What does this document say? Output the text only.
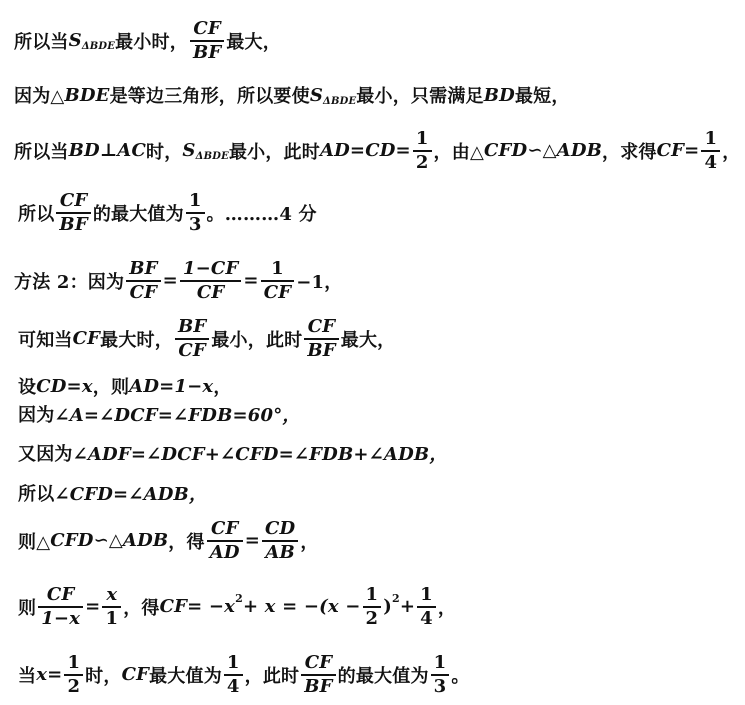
所以当 S ΔBDE 最小时， $\frac{CF}{BF}$ 最大，
因为△ BDE 是等边三角形，所以要使 S ΔBDE 最小，只需满足 BD 最短，
所以当 BD⊥AC 时， S ΔBDE 最小，此时 $AD=CD= \frac{1}{2}$ ，由△ CFD ∽△ ADB ，求得 $CF= \frac{1}{4}$ ，
所以 $\frac{CF}{BF}$ 的最大值为 $\frac{1}{3}$ 。………4 分
方法 2：因为 $\frac{BF}{CF} = \frac{1-CF}{CF} = \frac{1}{CF} -1$，
可知当 CF 最大时， $\frac{BF}{CF}$ 最小，此时 $\frac{CF}{BF}$ 最大，
设 CD=x ，则 AD=1−x ，
因为∠ A=∠DCF=∠FDB=60°，
又因为∠ ADF=∠DCF+∠CFD=∠FDB+∠ADB，
所以∠ CFD=∠ADB，
则△ CFD ∽△ ADB ，得 $\frac{CF}{AD} = \frac{CD}{AB}$ ，
则 $\frac{CF}{1-x} = \frac{x}{1}$ ，得 CF = −x $2 + x = -(x - \frac{1}{2}$ ) $2 + \frac{1}{4}$ ，
当 $x = \frac{1}{2}$ 时， CF 最大值为 $\frac{1}{4}$ ，此时 $\frac{CF}{BF}$ 的最大值为 $\frac{1}{3}$ 。
